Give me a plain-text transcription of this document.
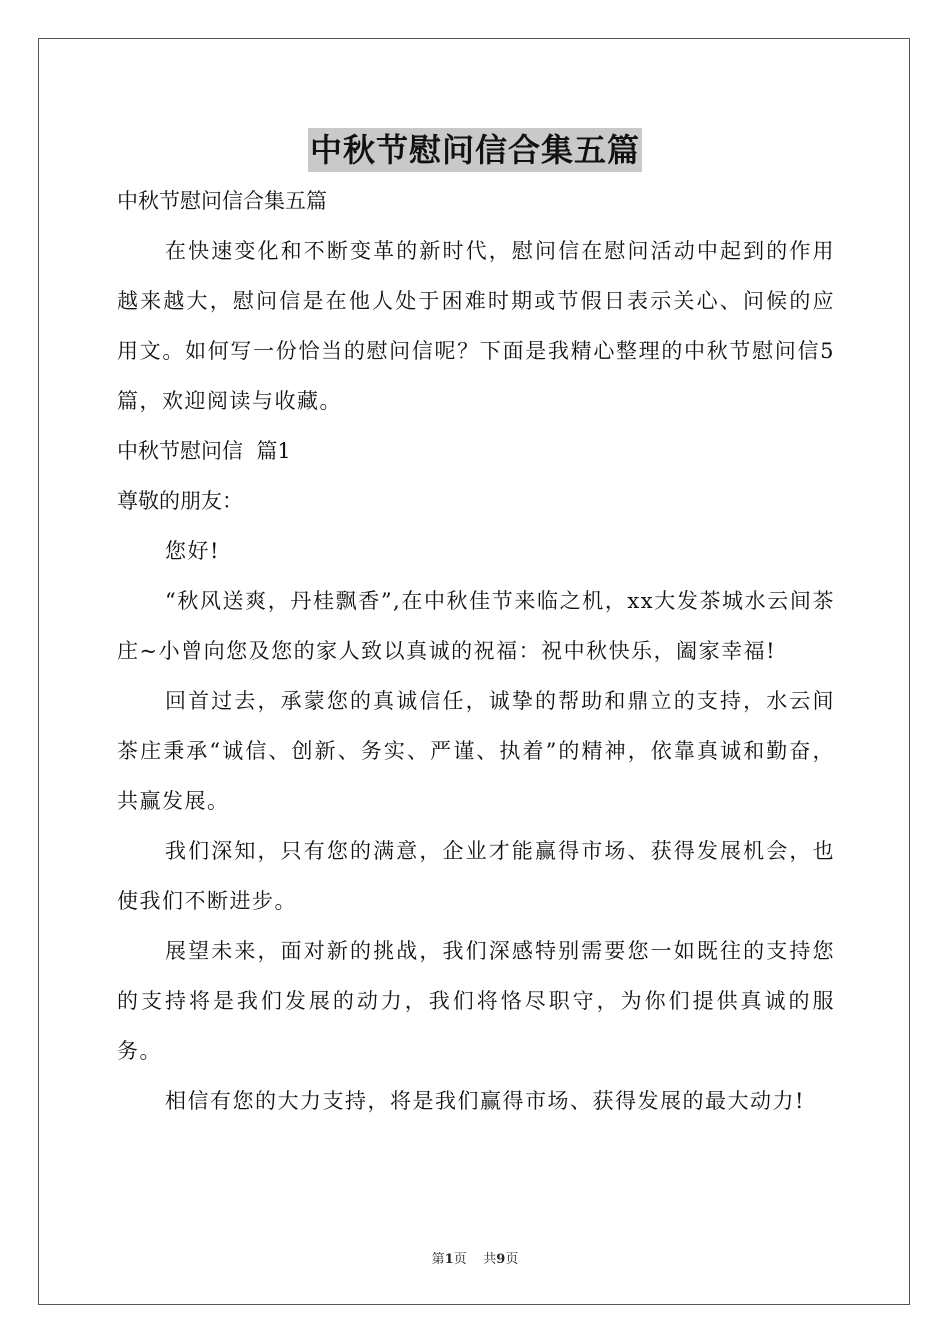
中秋节慰问信合集五篇

中秋节慰问信合集五篇

在快速变化和不断变革的新时代，慰问信在慰问活动中起到的作用越来越大，慰问信是在他人处于困难时期或节假日表示关心、问候的应用文。如何写一份恰当的慰问信呢？下面是我精心整理的中秋节慰问信5篇，欢迎阅读与收藏。

中秋节慰问信  篇1

尊敬的朋友：

您好!

“秋风送爽，丹桂飘香”,在中秋佳节来临之机，xx大发茶城水云间茶庄~小曾向您及您的家人致以真诚的祝福：祝中秋快乐，阖家幸福!

回首过去，承蒙您的真诚信任，诚挚的帮助和鼎立的支持，水云间茶庄秉承“诚信、创新、务实、严谨、执着”的精神，依靠真诚和勤奋，共赢发展。

我们深知，只有您的满意，企业才能赢得市场、获得发展机会，也使我们不断进步。

展望未来，面对新的挑战，我们深感特别需要您一如既往的支持您的支持将是我们发展的动力，我们将恪尽职守，为你们提供真诚的服务。

相信有您的大力支持，将是我们赢得市场、获得发展的最大动力!

第1页 共9页
